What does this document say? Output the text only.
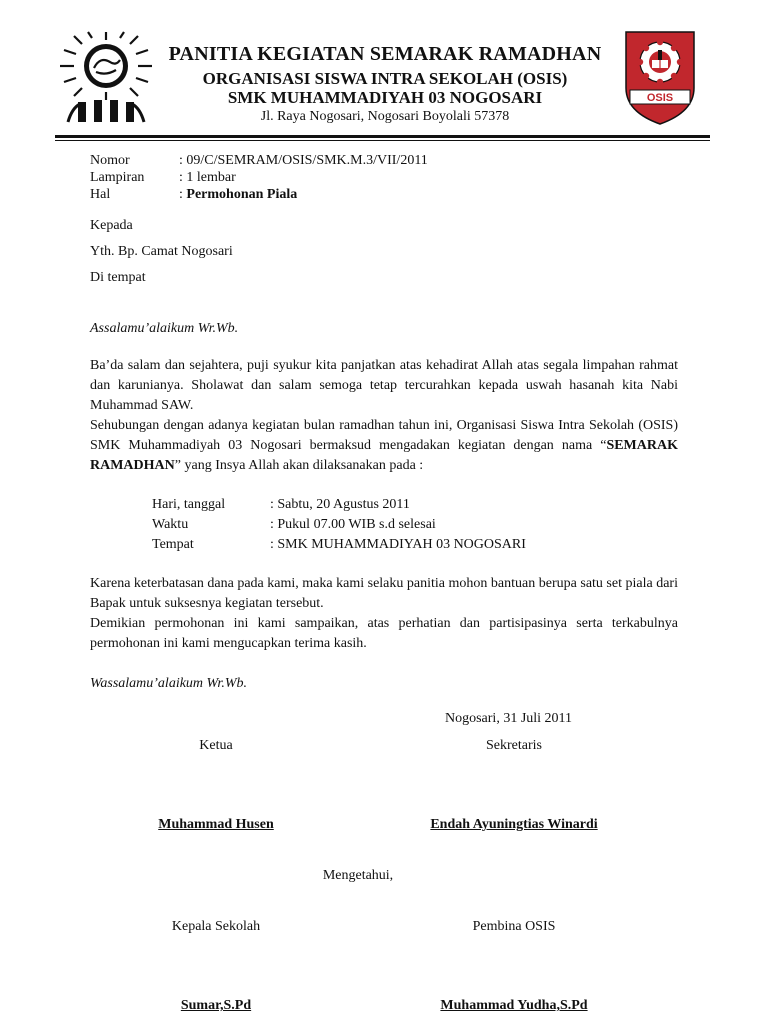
OSIS
PANITIA KEGIATAN SEMARAK RAMADHAN
ORGANISASI SISWA INTRA SEKOLAH (OSIS)
SMK MUHAMMADIYAH 03 NOGOSARI
Jl. Raya Nogosari, Nogosari Boyolali 57378
Nomor	: 09/C/SEMRAM/OSIS/SMK.M.3/VII/2011
Lampiran	: 1 lembar
Hal	: Permohonan Piala
Kepada
Yth. Bp. Camat Nogosari
Di tempat
Assalamu’alaikum Wr.Wb.
Ba’da salam dan sejahtera, puji syukur kita panjatkan atas kehadirat Allah atas segala limpahan rahmat dan karunianya. Sholawat dan salam semoga tetap tercurahkan kepada uswah hasanah kita Nabi Muhammad SAW.
Sehubungan dengan adanya kegiatan bulan ramadhan tahun ini, Organisasi Siswa Intra Sekolah (OSIS) SMK Muhammadiyah 03 Nogosari bermaksud mengadakan kegiatan dengan nama “SEMARAK RAMADHAN” yang Insya Allah akan dilaksanakan pada :
Hari, tanggal	: Sabtu, 20 Agustus 2011
Waktu	: Pukul 07.00 WIB s.d selesai
Tempat	: SMK MUHAMMADIYAH 03 NOGOSARI
Karena keterbatasan dana pada kami, maka kami selaku panitia mohon bantuan berupa satu set piala dari Bapak untuk suksesnya kegiatan tersebut.
Demikian permohonan ini kami sampaikan, atas perhatian dan partisipasinya serta terkabulnya permohonan ini kami mengucapkan terima kasih.
Wassalamu’alaikum Wr.Wb.
Nogosari, 31 Juli 2011
Ketua	Sekretaris
Muhammad Husen	Endah Ayuningtias Winardi
Mengetahui,
Kepala Sekolah	Pembina OSIS
Sumar,S.Pd	Muhammad Yudha,S.Pd
